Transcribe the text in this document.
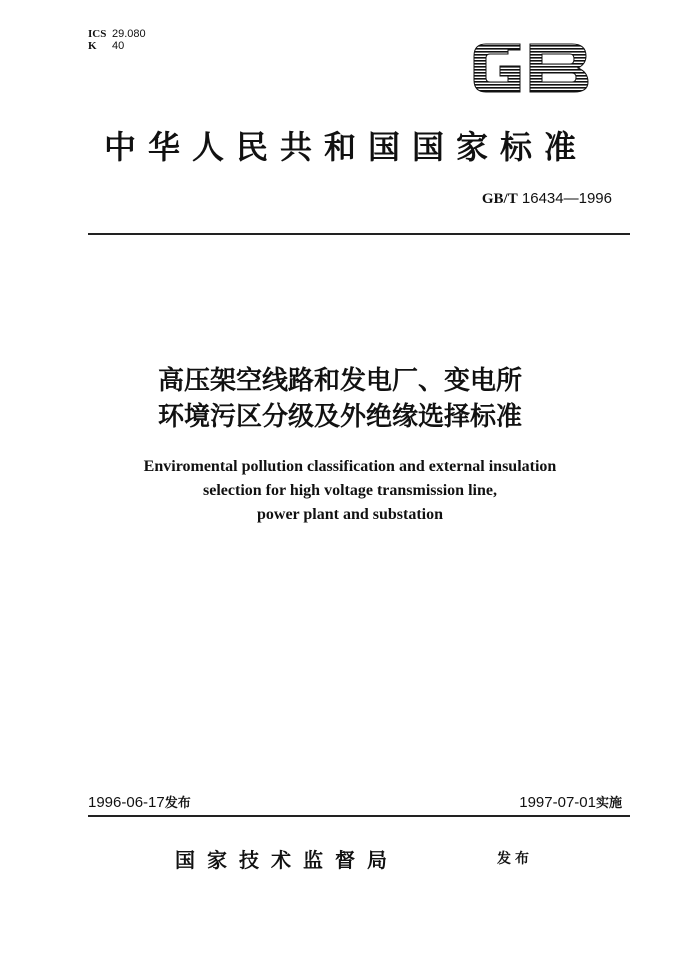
ICS 29.080
K 40
中华人民共和国国家标准
GB/T 16434—1996
高压架空线路和发电厂、变电所
环境污区分级及外绝缘选择标准
Enviromental pollution classification and external insulation
selection for high voltage transmission line,
power plant and substation
1996-06-17发布	1997-07-01实施
国家技术监督局	发布
